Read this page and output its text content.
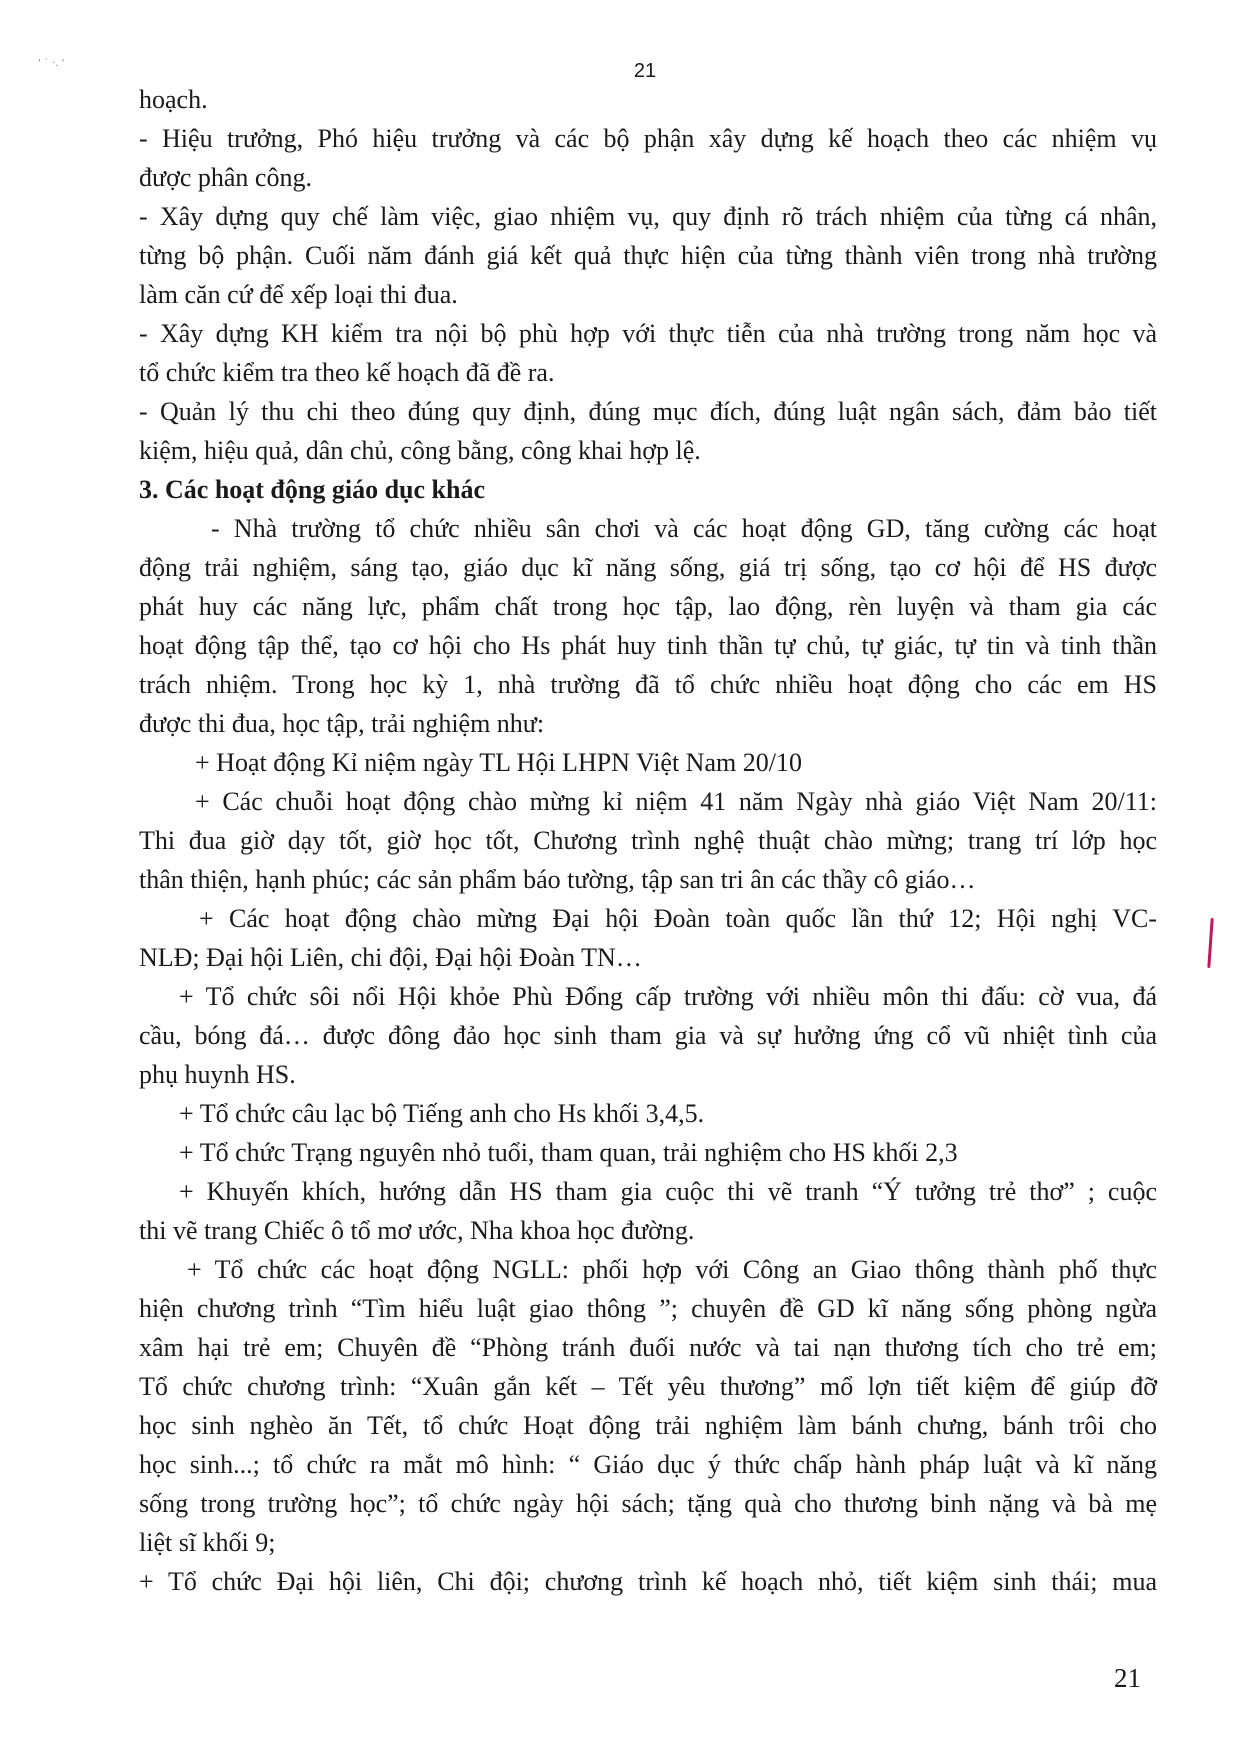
' ˙ ·. '	21
hoạch.
- Hiệu trưởng, Phó hiệu trưởng và các bộ phận xây dựng kế hoạch theo các nhiệm vụ
được phân công.
- Xây dựng quy chế làm việc, giao nhiệm vụ, quy định rõ trách nhiệm của từng cá nhân,
từng bộ phận. Cuối năm đánh giá kết quả thực hiện của từng thành viên trong nhà trường
làm căn cứ để xếp loại thi đua.
- Xây dựng KH kiểm tra nội bộ phù hợp với thực tiễn của nhà trường trong năm học và
tổ chức kiểm tra theo kế hoạch đã đề ra.
- Quản lý thu chi theo đúng quy định, đúng mục đích, đúng luật ngân sách, đảm bảo tiết
kiệm, hiệu quả, dân chủ, công bằng, công khai hợp lệ.
3. Các hoạt động giáo dục khác
- Nhà trường tổ chức nhiều sân chơi và các hoạt động GD, tăng cường các hoạt
động trải nghiệm, sáng tạo, giáo dục kĩ năng sống, giá trị sống, tạo cơ hội để HS được
phát huy các năng lực, phẩm chất trong học tập, lao động, rèn luyện và tham gia các
hoạt động tập thể, tạo cơ hội cho Hs phát huy tinh thần tự chủ, tự giác, tự tin và tinh thần
trách nhiệm. Trong học kỳ 1, nhà trường đã tổ chức nhiều hoạt động cho các em HS
được thi đua, học tập, trải nghiệm như:
+ Hoạt động Kỉ niệm ngày TL Hội LHPN Việt Nam 20/10
+ Các chuỗi hoạt động chào mừng kỉ niệm 41 năm Ngày nhà giáo Việt Nam 20/11:
Thi đua giờ dạy tốt, giờ học tốt, Chương trình nghệ thuật chào mừng; trang trí lớp học
thân thiện, hạnh phúc; các sản phẩm báo tường, tập san tri ân các thầy cô giáo…
+ Các hoạt động chào mừng Đại hội Đoàn toàn quốc lần thứ 12; Hội nghị VC-
NLĐ; Đại hội Liên, chi đội, Đại hội Đoàn TN…
+ Tổ chức sôi nổi Hội khỏe Phù Đổng cấp trường với nhiều môn thi đấu: cờ vua, đá
cầu, bóng đá… được đông đảo học sinh tham gia và sự hưởng ứng cổ vũ nhiệt tình của
phụ huynh HS.
+ Tổ chức câu lạc bộ Tiếng anh cho Hs khối 3,4,5.
+ Tổ chức Trạng nguyên nhỏ tuổi, tham quan, trải nghiệm cho HS khối 2,3
+ Khuyến khích, hướng dẫn HS tham gia cuộc thi vẽ tranh “Ý tưởng trẻ thơ” ; cuộc
thi vẽ trang Chiếc ô tổ mơ ước, Nha khoa học đường.
+ Tổ chức các hoạt động NGLL: phối hợp với Công an Giao thông thành phố thực
hiện chương trình “Tìm hiểu luật giao thông ”; chuyên đề GD kĩ năng sống phòng ngừa
xâm hại trẻ em; Chuyên đề “Phòng tránh đuối nước và tai nạn thương tích cho trẻ em;
Tổ chức chương trình: “Xuân gắn kết – Tết yêu thương” mổ lợn tiết kiệm để giúp đỡ
học sinh nghèo ăn Tết, tổ chức Hoạt động trải nghiệm làm bánh chưng, bánh trôi cho
học sinh...; tổ chức ra mắt mô hình: “ Giáo dục ý thức chấp hành pháp luật và kĩ năng
sống trong trường học”; tổ chức ngày hội sách; tặng quà cho thương binh nặng và bà mẹ
liệt sĩ khối 9;
+ Tổ chức Đại hội liên, Chi đội; chương trình kế hoạch nhỏ, tiết kiệm sinh thái; mua
21
